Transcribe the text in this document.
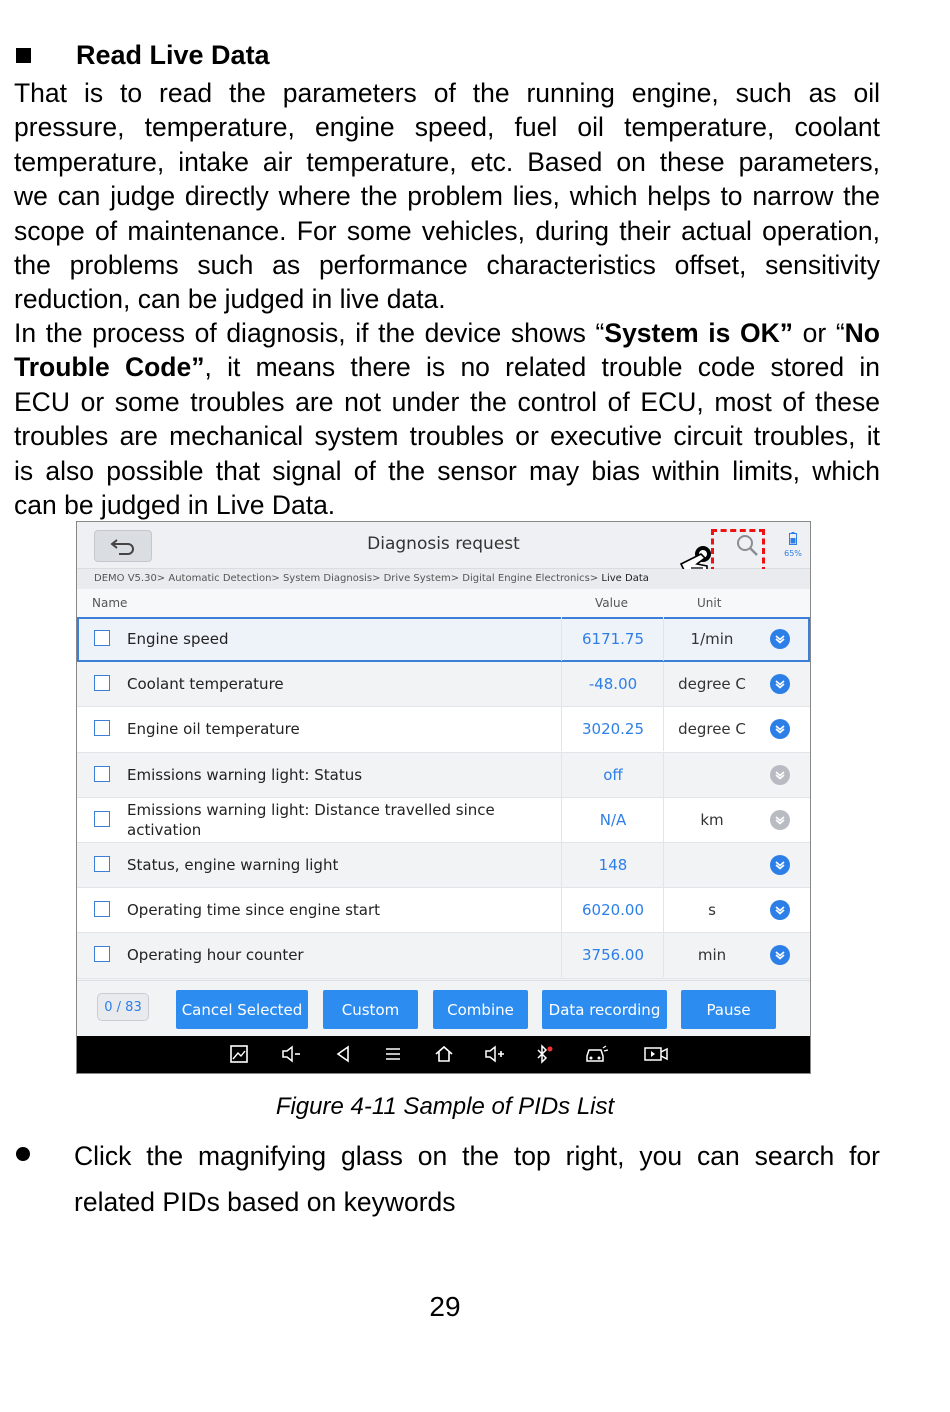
Read Live Data
That is to read the parameters of the running engine, such as oil
pressure, temperature, engine speed, fuel oil temperature, coolant
temperature, intake air temperature, etc. Based on these parameters,
we can judge directly where the problem lies, which helps to narrow the
scope of maintenance. For some vehicles, during their actual operation,
the problems such as performance characteristics offset, sensitivity
reduction, can be judged in live data.
In the process of diagnosis, if the device shows “System is OK” or “No
Trouble Code”, it means there is no related trouble code stored in
ECU or some troubles are not under the control of ECU, most of these
troubles are mechanical system troubles or executive circuit troubles, it
is also possible that signal of the sensor may bias within limits, which
can be judged in Live Data.
Diagnosis request	65%
DEMO V5.30> Automatic Detection> System Diagnosis> Drive System> Digital Engine Electronics> Live Data
Name	Value	Unit
Engine speed	6171.75	1/min
Coolant temperature	-48.00	degree C
Engine oil temperature	3020.25	degree C
Emissions warning light: Status	off
Emissions warning light: Distance travelled since activation
N/A	km
Status, engine warning light	148
Operating time since engine start	6020.00	s
Operating hour counter	3756.00	min
0 / 83	Cancel Selected	Custom	Combine	Data recording	Pause
Figure 4-11 Sample of PIDs List
Click the magnifying glass on the top right, you can search for
related PIDs based on keywords
29
